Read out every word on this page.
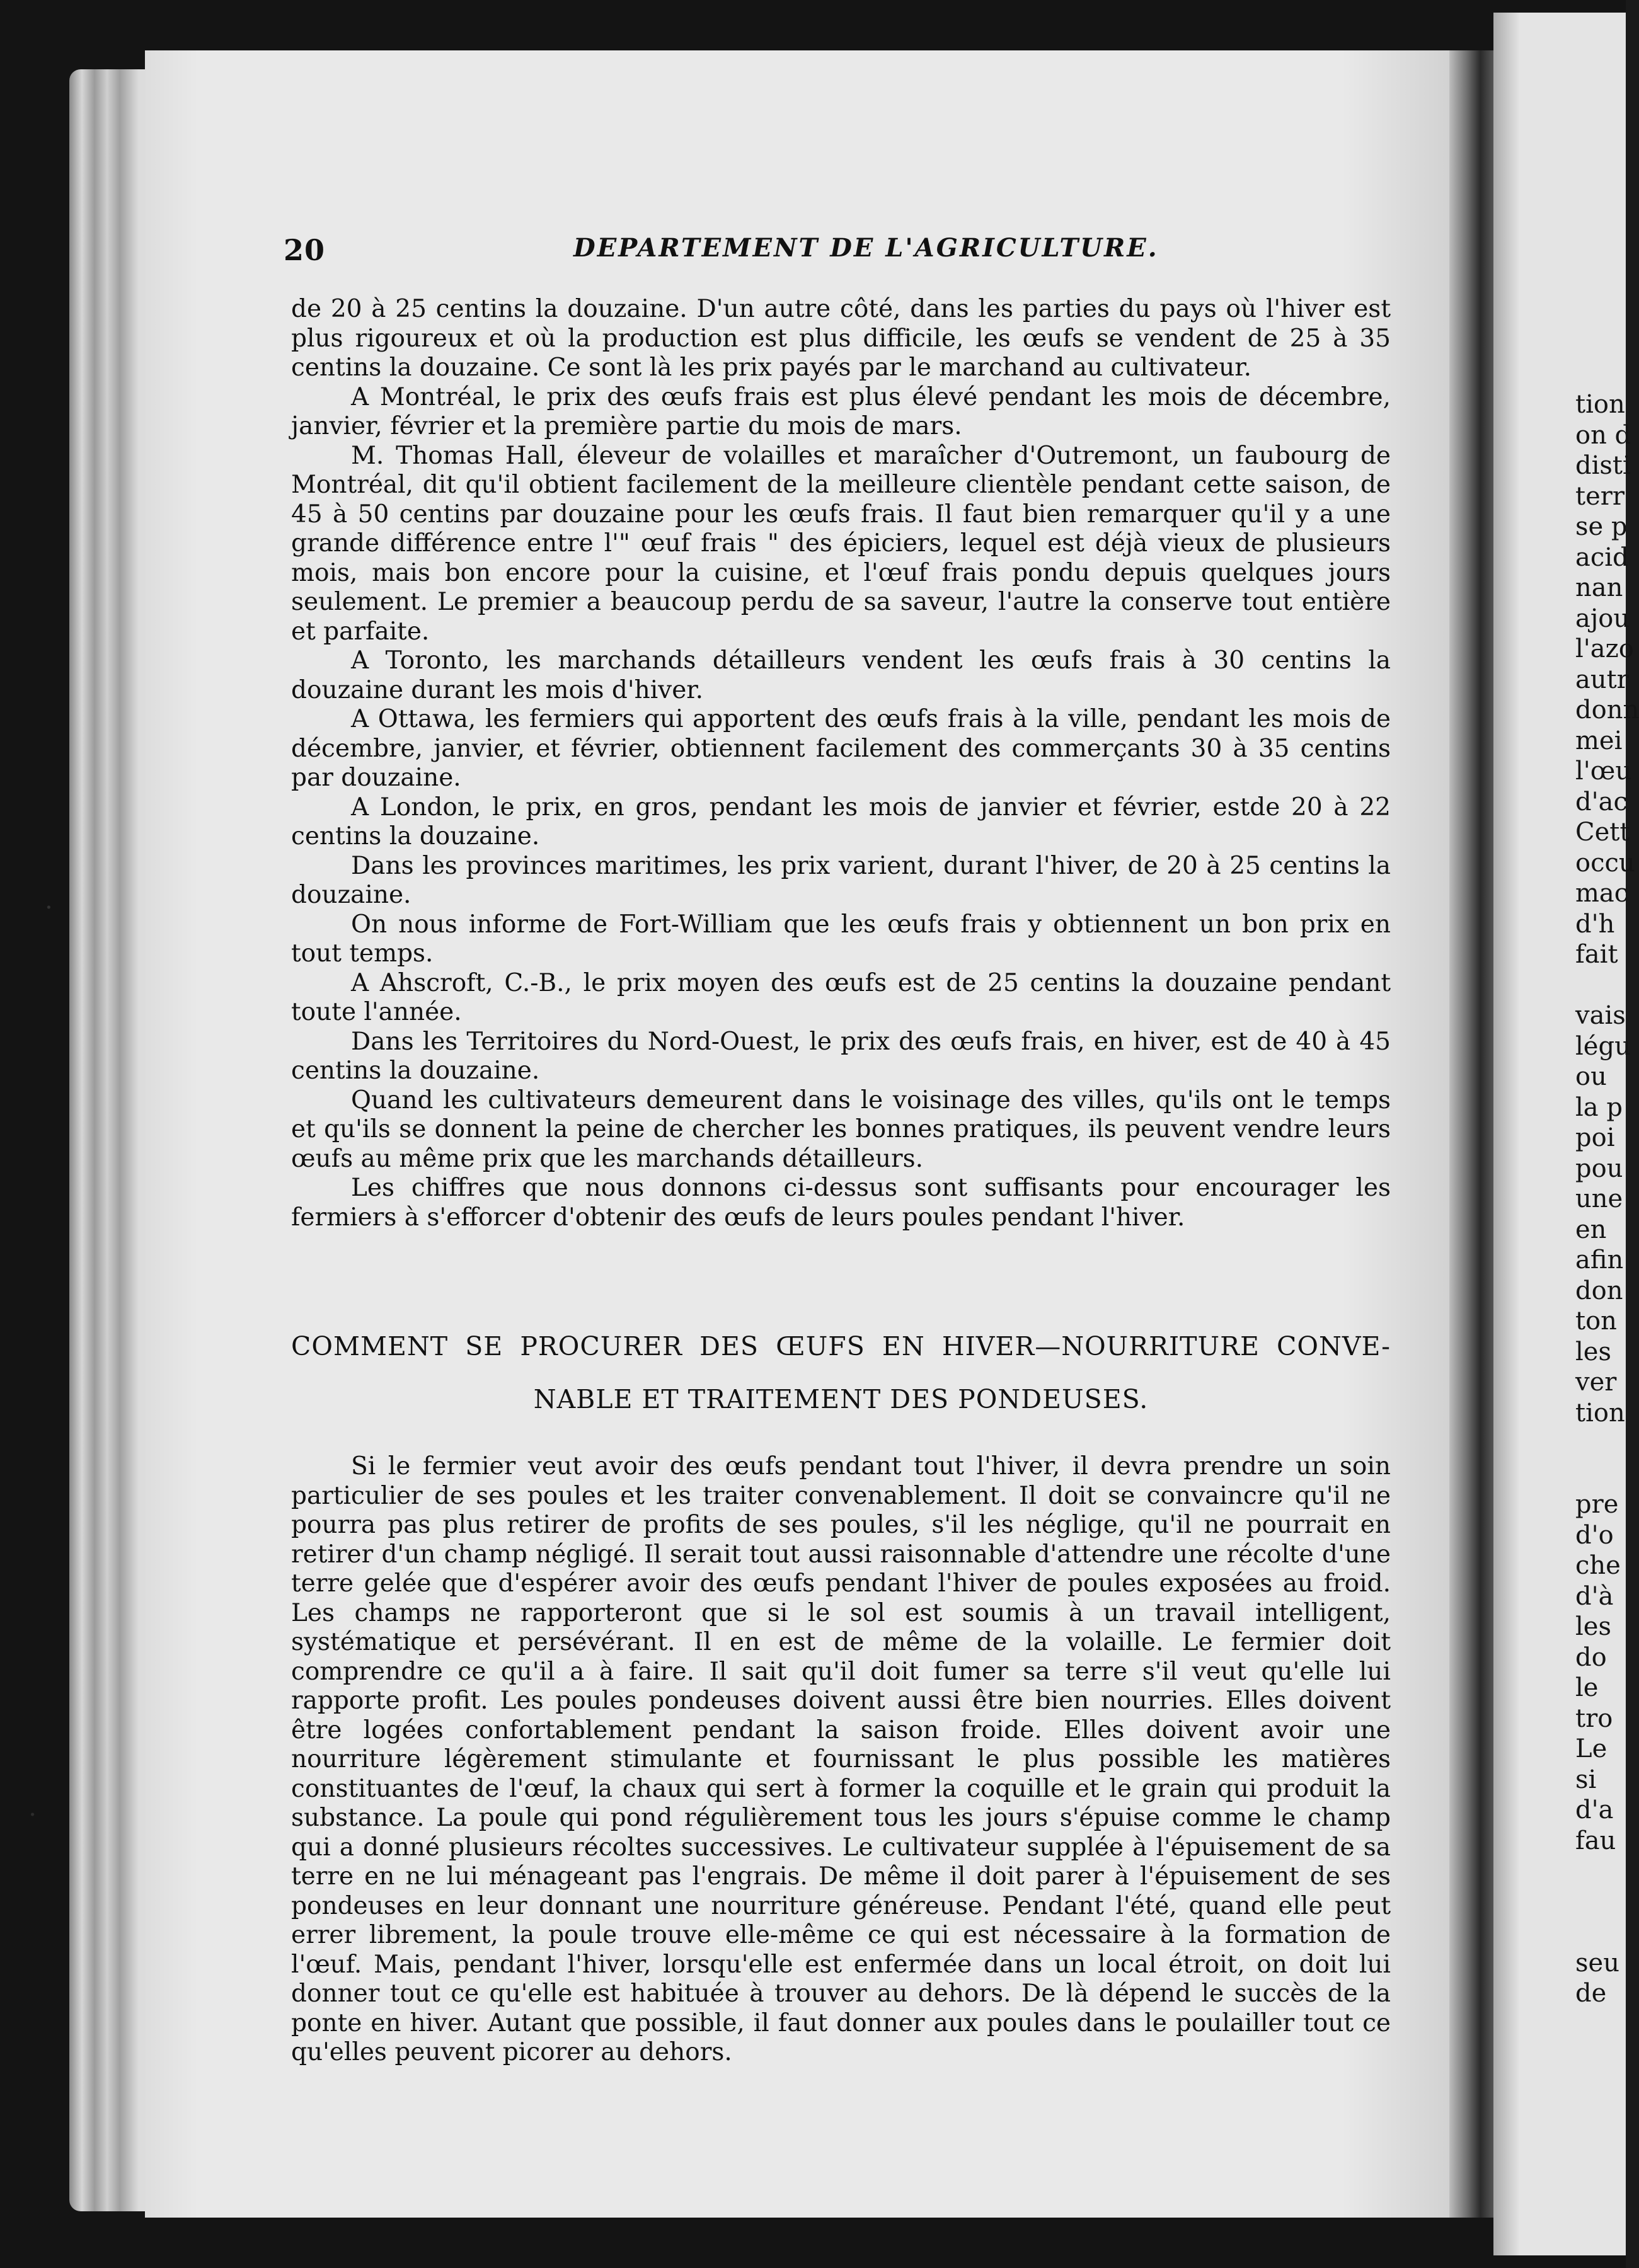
20	DEPARTEMENT DE L'AGRICULTURE.

de 20 à 25 centins la douzaine. D'un autre côté, dans les parties du pays où l'hiver est plus rigoureux et où la production est plus difficile, les œufs se vendent de 25 à 35 centins la douzaine. Ce sont là les prix payés par le marchand au cultivateur.

A Montréal, le prix des œufs frais est plus élevé pendant les mois de décembre, janvier, février et la première partie du mois de mars.

M. Thomas Hall, éleveur de volailles et maraîcher d'Outremont, un faubourg de Montréal, dit qu'il obtient facilement de la meilleure clientèle pendant cette saison, de 45 à 50 centins par douzaine pour les œufs frais. Il faut bien remarquer qu'il y a une grande différence entre l'" œuf frais " des épiciers, lequel est déjà vieux de plusieurs mois, mais bon encore pour la cuisine, et l'œuf frais pondu depuis quelques jours seulement. Le premier a beaucoup perdu de sa saveur, l'autre la conserve tout entière et parfaite.

A Toronto, les marchands détailleurs vendent les œufs frais à 30 centins la douzaine durant les mois d'hiver.

A Ottawa, les fermiers qui apportent des œufs frais à la ville, pendant les mois de décembre, janvier, et février, obtiennent facilement des commerçants 30 à 35 centins par douzaine.

A London, le prix, en gros, pendant les mois de janvier et février, estde 20 à 22 centins la douzaine.

Dans les provinces maritimes, les prix varient, durant l'hiver, de 20 à 25 centins la douzaine.

On nous informe de Fort-William que les œufs frais y obtiennent un bon prix en tout temps.

A Ahscroft, C.-B., le prix moyen des œufs est de 25 centins la douzaine pendant toute l'année.

Dans les Territoires du Nord-Ouest, le prix des œufs frais, en hiver, est de 40 à 45 centins la douzaine.

Quand les cultivateurs demeurent dans le voisinage des villes, qu'ils ont le temps et qu'ils se donnent la peine de chercher les bonnes pratiques, ils peuvent vendre leurs œufs au même prix que les marchands détailleurs.

Les chiffres que nous donnons ci-dessus sont suffisants pour encourager les fermiers à s'efforcer d'obtenir des œufs de leurs poules pendant l'hiver.

COMMENT SE PROCURER DES ŒUFS EN HIVER—NOURRITURE CONVE-
NABLE ET TRAITEMENT DES PONDEUSES.

Si le fermier veut avoir des œufs pendant tout l'hiver, il devra prendre un soin particulier de ses poules et les traiter convenablement. Il doit se convaincre qu'il ne pourra pas plus retirer de profits de ses poules, s'il les néglige, qu'il ne pourrait en retirer d'un champ négligé. Il serait tout aussi raisonnable d'attendre une récolte d'une terre gelée que d'espérer avoir des œufs pendant l'hiver de poules exposées au froid. Les champs ne rapporteront que si le sol est soumis à un travail intelligent, systématique et persévérant. Il en est de même de la volaille. Le fermier doit comprendre ce qu'il a à faire. Il sait qu'il doit fumer sa terre s'il veut qu'elle lui rapporte profit. Les poules pondeuses doivent aussi être bien nourries. Elles doivent être logées confortablement pendant la saison froide. Elles doivent avoir une nourriture légèrement stimulante et fournissant le plus possible les matières constituantes de l'œuf, la chaux qui sert à former la coquille et le grain qui produit la substance. La poule qui pond régulièrement tous les jours s'épuise comme le champ qui a donné plusieurs récoltes successives. Le cultivateur supplée à l'épuisement de sa terre en ne lui ménageant pas l'engrais. De même il doit parer à l'épuisement de ses pondeuses en leur donnant une nourriture généreuse. Pendant l'été, quand elle peut errer librement, la poule trouve elle-même ce qui est nécessaire à la formation de l'œuf. Mais, pendant l'hiver, lorsqu'elle est enfermée dans un local étroit, on doit lui donner tout ce qu'elle est habituée à trouver au dehors. De là dépend le succès de la ponte en hiver. Autant que possible, il faut donner aux poules dans le poulailler tout ce qu'elles peuvent picorer au dehors.

tion
on d
disti
terr
se p
acid
nan
ajou
l'azo
autr
donn
mei
l'œu
d'ac
Cett
occu
mac
d'h
fait
vais
légu
ou
la p
poi
pou
une
en
afin
don
ton
les
ver
tion
pre
d'o
che
d'à
les
do
le
tro
Le
si
d'a
fau
seu
de
